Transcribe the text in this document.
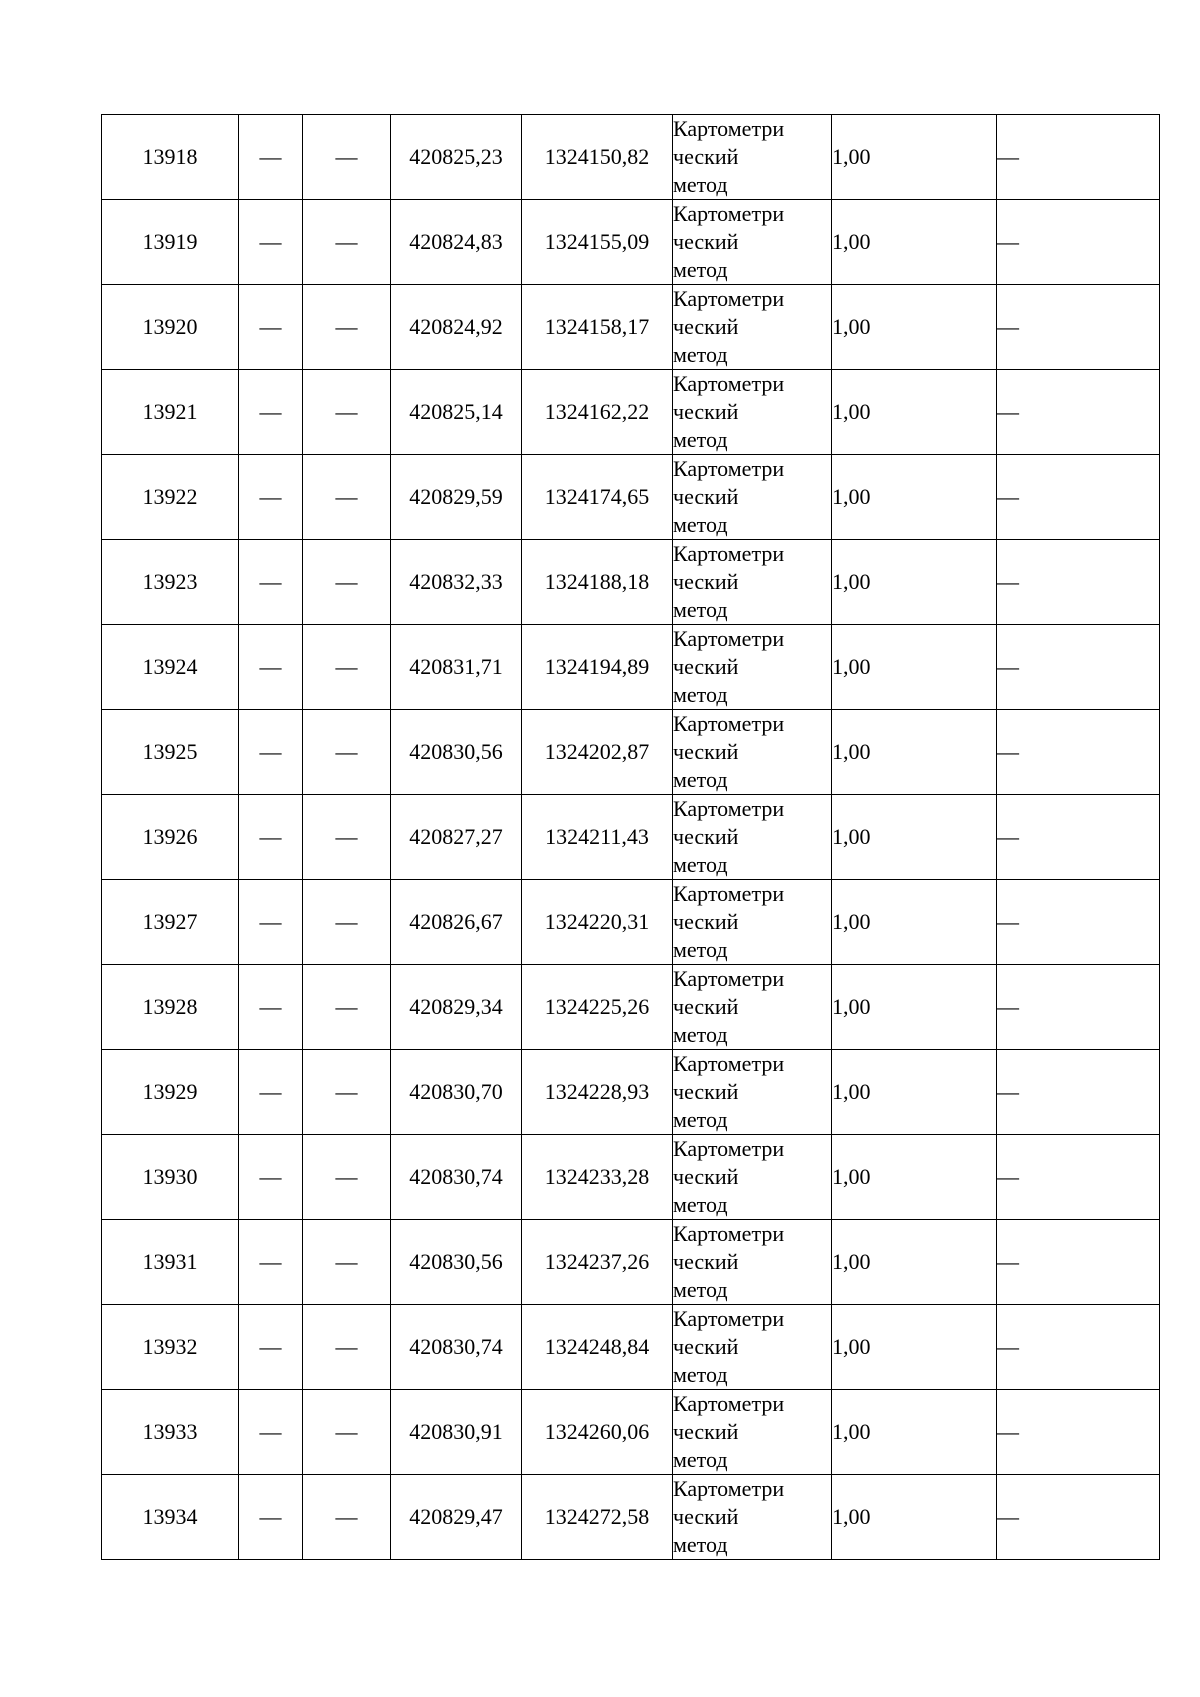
13918	—	—	420825,23	1324150,82	Картометри
ческий
метод	1,00	—
13919	—	—	420824,83	1324155,09	Картометри
ческий
метод	1,00	—
13920	—	—	420824,92	1324158,17	Картометри
ческий
метод	1,00	—
13921	—	—	420825,14	1324162,22	Картометри
ческий
метод	1,00	—
13922	—	—	420829,59	1324174,65	Картометри
ческий
метод	1,00	—
13923	—	—	420832,33	1324188,18	Картометри
ческий
метод	1,00	—
13924	—	—	420831,71	1324194,89	Картометри
ческий
метод	1,00	—
13925	—	—	420830,56	1324202,87	Картометри
ческий
метод	1,00	—
13926	—	—	420827,27	1324211,43	Картометри
ческий
метод	1,00	—
13927	—	—	420826,67	1324220,31	Картометри
ческий
метод	1,00	—
13928	—	—	420829,34	1324225,26	Картометри
ческий
метод	1,00	—
13929	—	—	420830,70	1324228,93	Картометри
ческий
метод	1,00	—
13930	—	—	420830,74	1324233,28	Картометри
ческий
метод	1,00	—
13931	—	—	420830,56	1324237,26	Картометри
ческий
метод	1,00	—
13932	—	—	420830,74	1324248,84	Картометри
ческий
метод	1,00	—
13933	—	—	420830,91	1324260,06	Картометри
ческий
метод	1,00	—
13934	—	—	420829,47	1324272,58	Картометри
ческий
метод	1,00	—
